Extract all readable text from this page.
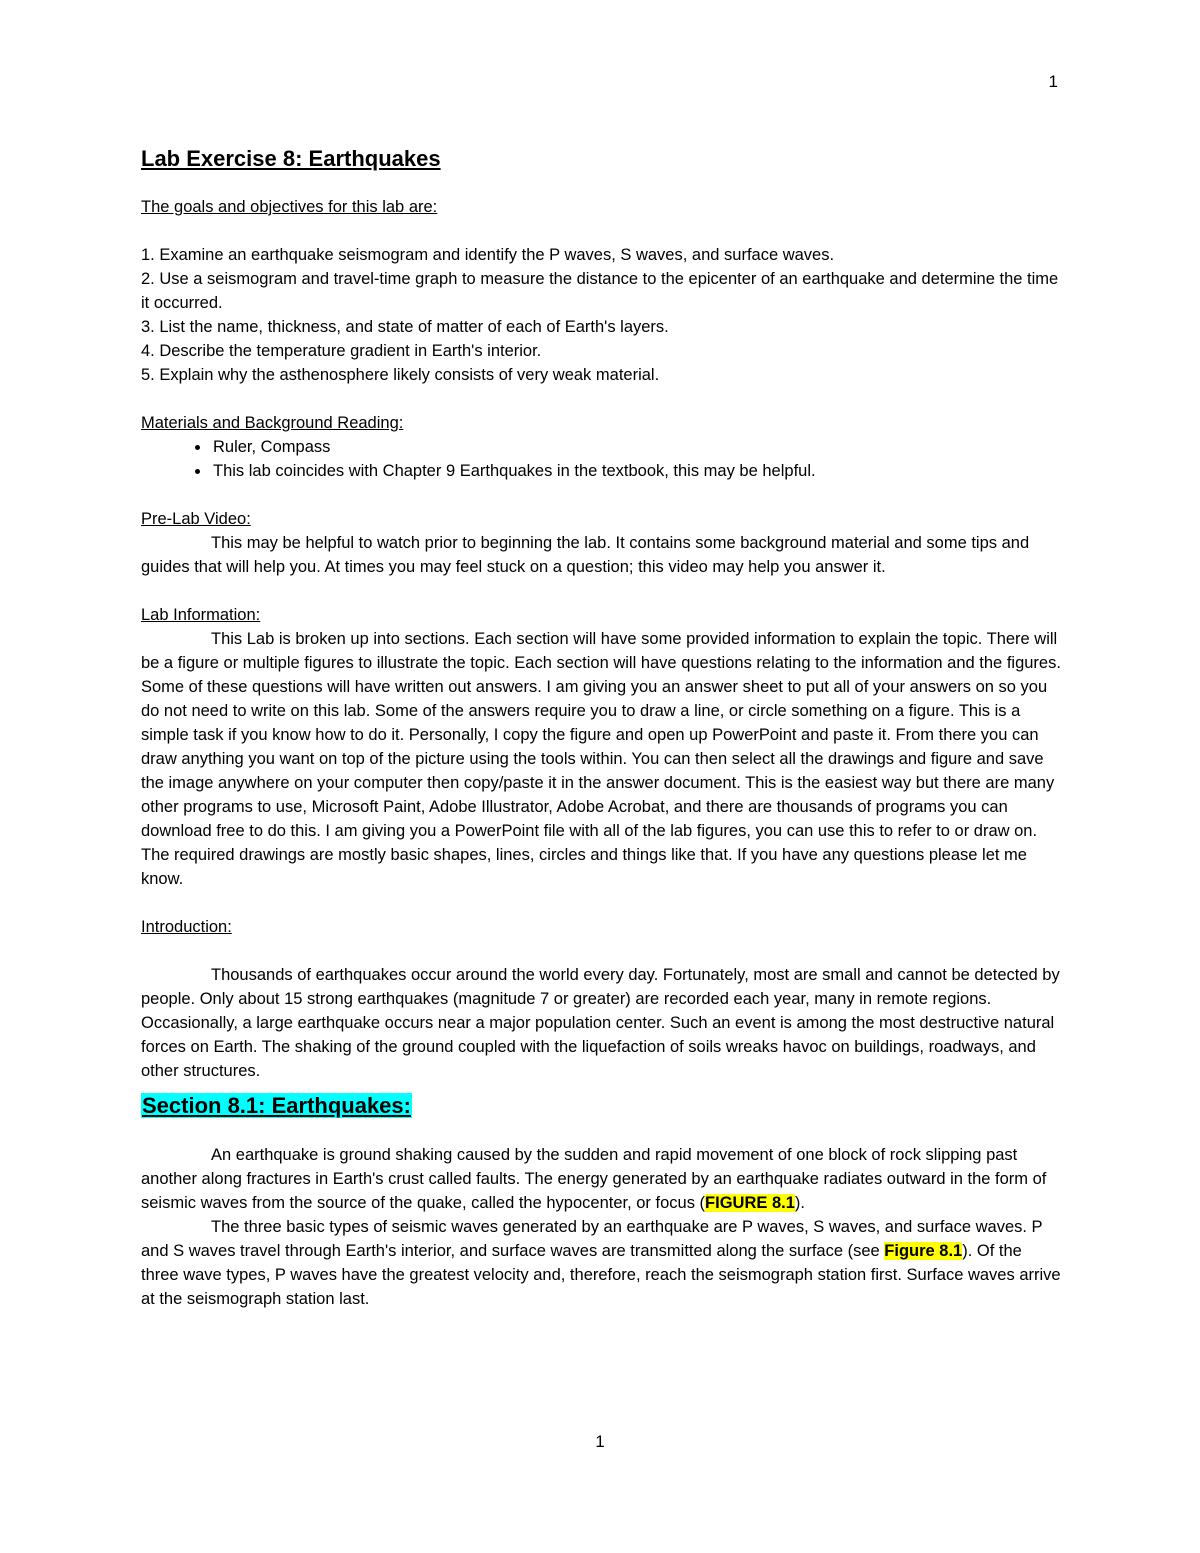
1
Lab Exercise 8: Earthquakes

The goals and objectives for this lab are:

1. Examine an earthquake seismogram and identify the P waves, S waves, and surface waves.
2. Use a seismogram and travel-time graph to measure the distance to the epicenter of an earthquake and determine the time it occurred.
3. List the name, thickness, and state of matter of each of Earth's layers.
4. Describe the temperature gradient in Earth's interior.
5. Explain why the asthenosphere likely consists of very weak material.

Materials and Background Reading:

• Ruler, Compass
• This lab coincides with Chapter 9 Earthquakes in the textbook, this may be helpful.

Pre-Lab Video:

This may be helpful to watch prior to beginning the lab. It contains some background material and some tips and guides that will help you. At times you may feel stuck on a question; this video may help you answer it.

Lab Information:

This Lab is broken up into sections. Each section will have some provided information to explain the topic. There will be a figure or multiple figures to illustrate the topic. Each section will have questions relating to the information and the figures. Some of these questions will have written out answers. I am giving you an answer sheet to put all of your answers on so you do not need to write on this lab. Some of the answers require you to draw a line, or circle something on a figure. This is a simple task if you know how to do it. Personally, I copy the figure and open up PowerPoint and paste it. From there you can draw anything you want on top of the picture using the tools within. You can then select all the drawings and figure and save the image anywhere on your computer then copy/paste it in the answer document. This is the easiest way but there are many other programs to use, Microsoft Paint, Adobe Illustrator, Adobe Acrobat, and there are thousands of programs you can download free to do this. I am giving you a PowerPoint file with all of the lab figures, you can use this to refer to or draw on. The required drawings are mostly basic shapes, lines, circles and things like that. If you have any questions please let me know.

Introduction:

Thousands of earthquakes occur around the world every day. Fortunately, most are small and cannot be detected by people. Only about 15 strong earthquakes (magnitude 7 or greater) are recorded each year, many in remote regions. Occasionally, a large earthquake occurs near a major population center. Such an event is among the most destructive natural forces on Earth. The shaking of the ground coupled with the liquefaction of soils wreaks havoc on buildings, roadways, and other structures.

Section 8.1: Earthquakes:

An earthquake is ground shaking caused by the sudden and rapid movement of one block of rock slipping past another along fractures in Earth's crust called faults. The energy generated by an earthquake radiates outward in the form of seismic waves from the source of the quake, called the hypocenter, or focus (FIGURE 8.1).

The three basic types of seismic waves generated by an earthquake are P waves, S waves, and surface waves. P and S waves travel through Earth's interior, and surface waves are transmitted along the surface (see Figure 8.1). Of the three wave types, P waves have the greatest velocity and, therefore, reach the seismograph station first. Surface waves arrive at the seismograph station last.

1
